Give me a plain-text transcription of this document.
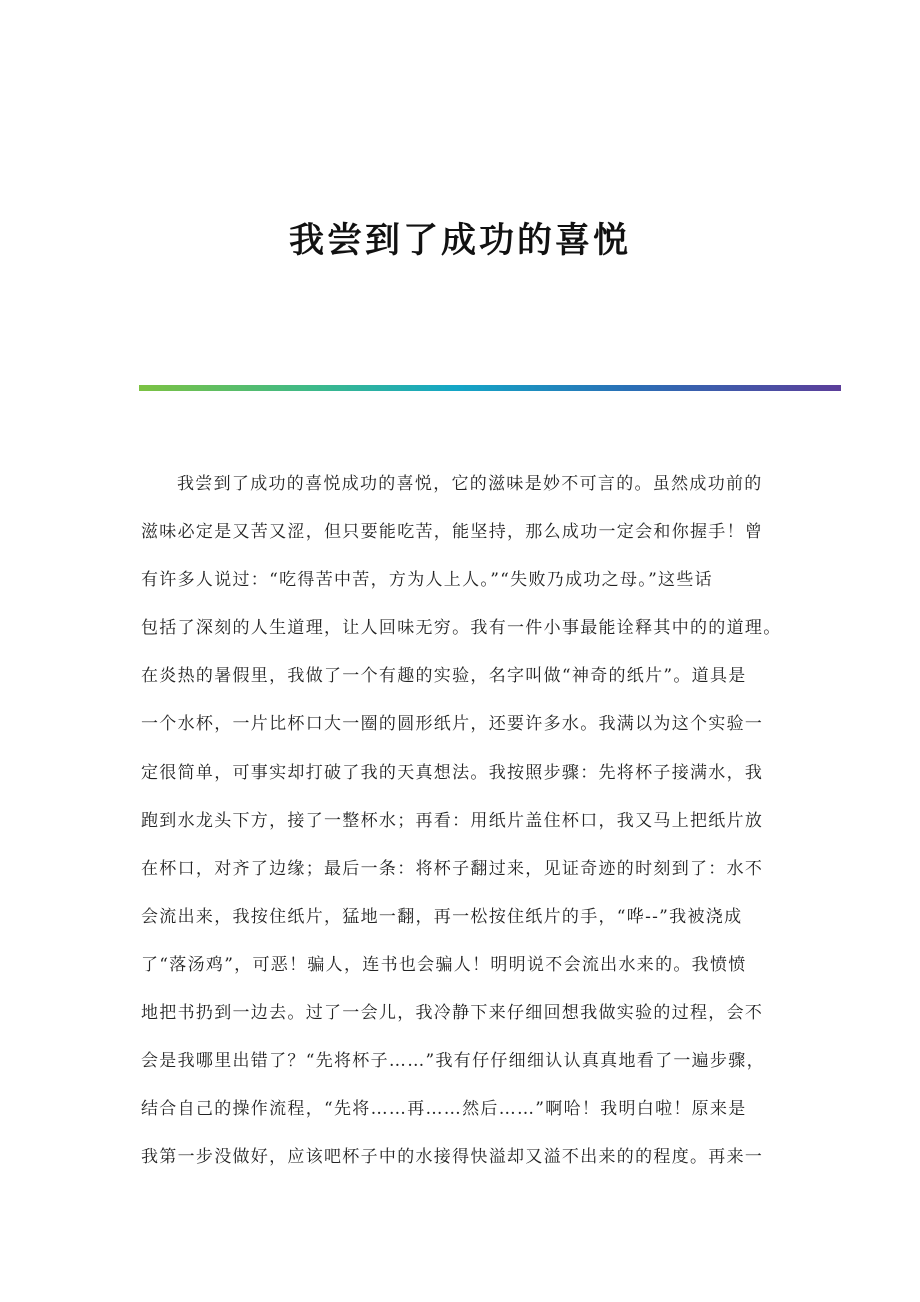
我尝到了成功的喜悦
我尝到了成功的喜悦成功的喜悦，它的滋味是妙不可言的。虽然成功前的
滋味必定是又苦又涩，但只要能吃苦，能坚持，那么成功一定会和你握手！曾
有许多人说过：“吃得苦中苦，方为人上人。”“失败乃成功之母。”这些话
包括了深刻的人生道理，让人回味无穷。我有一件小事最能诠释其中的的道理。
在炎热的暑假里，我做了一个有趣的实验，名字叫做“神奇的纸片”。道具是
一个水杯，一片比杯口大一圈的圆形纸片，还要许多水。我满以为这个实验一
定很简单，可事实却打破了我的天真想法。我按照步骤：先将杯子接满水，我
跑到水龙头下方，接了一整杯水；再看：用纸片盖住杯口，我又马上把纸片放
在杯口，对齐了边缘；最后一条：将杯子翻过来，见证奇迹的时刻到了：水不
会流出来，我按住纸片，猛地一翻，再一松按住纸片的手，“哗--”我被浇成
了“落汤鸡”，可恶！骗人，连书也会骗人！明明说不会流出水来的。我愤愤
地把书扔到一边去。过了一会儿，我冷静下来仔细回想我做实验的过程，会不
会是我哪里出错了？“先将杯子……”我有仔仔细细认认真真地看了一遍步骤，
结合自己的操作流程，“先将……再……然后……”啊哈！我明白啦！原来是
我第一步没做好，应该吧杯子中的水接得快溢却又溢不出来的的程度。再来一
